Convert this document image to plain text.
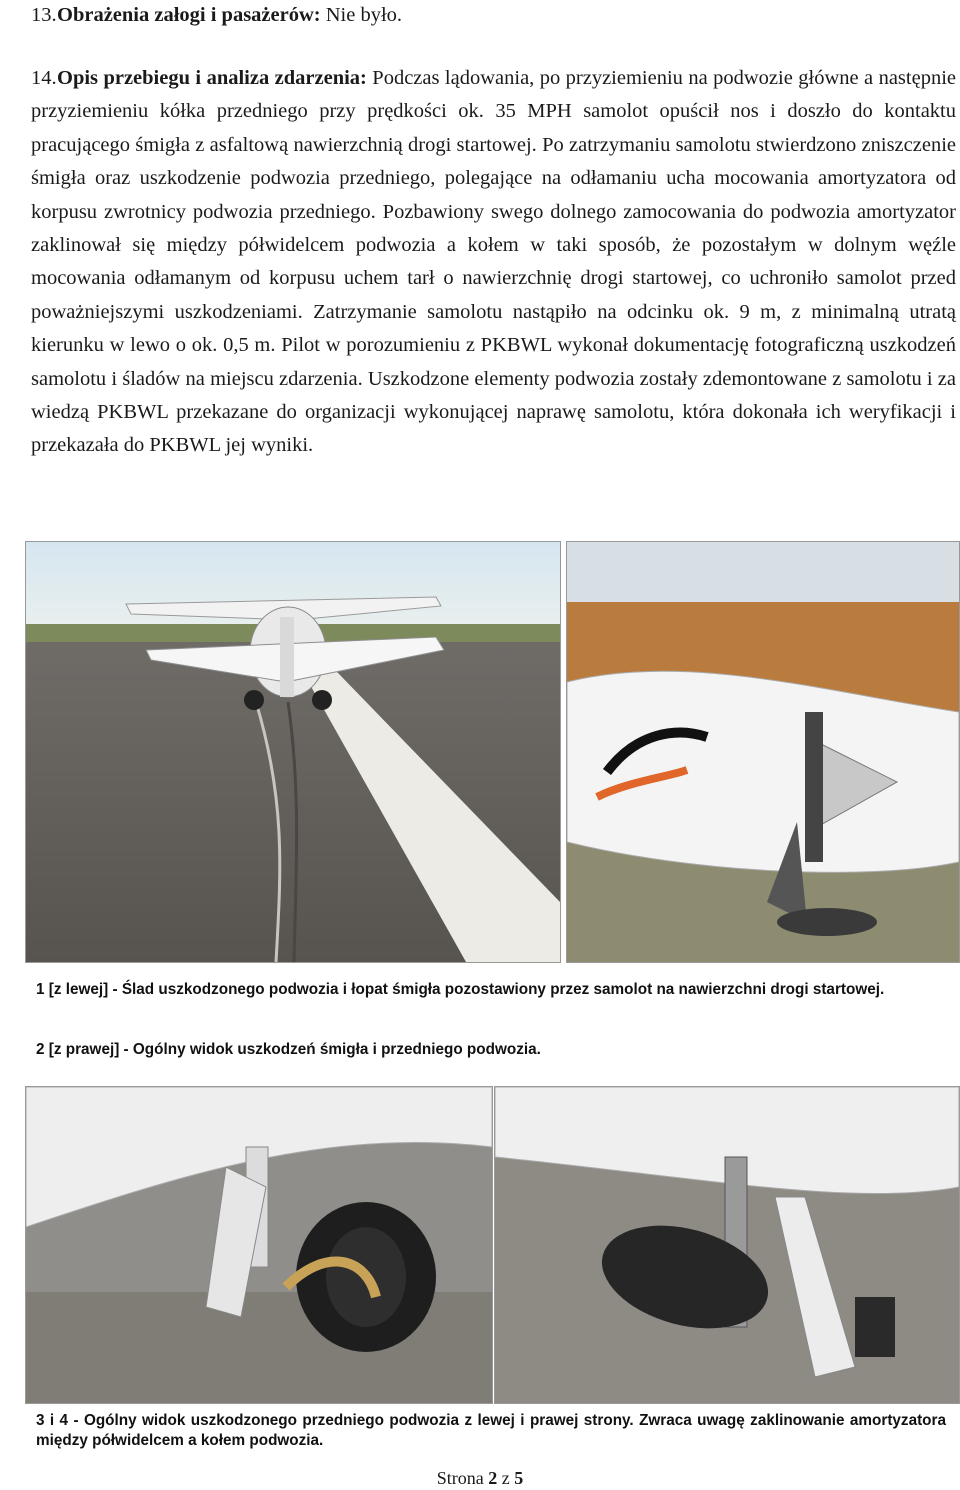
13.Obrażenia załogi i pasażerów: Nie było.
14.Opis przebiegu i analiza zdarzenia: Podczas lądowania, po przyziemieniu na podwozie główne a następnie przyziemieniu kółka przedniego przy prędkości ok. 35 MPH samolot opuścił nos i doszło do kontaktu pracującego śmigła z asfaltową nawierzchnią drogi startowej. Po zatrzymaniu samolotu stwierdzono zniszczenie śmigła oraz uszkodzenie podwozia przedniego, polegające na odłamaniu ucha mocowania amortyzatora od korpusu zwrotnicy podwozia przedniego. Pozbawiony swego dolnego zamocowania do podwozia amortyzator zaklinował się między półwidelcem podwozia a kołem w taki sposób, że pozostałym w dolnym węźle mocowania odłamanym od korpusu uchem tarł o nawierzchnię drogi startowej, co uchroniło samolot przed poważniejszymi uszkodzeniami. Zatrzymanie samolotu nastąpiło na odcinku ok. 9 m, z minimalną utratą kierunku w lewo o ok. 0,5 m. Pilot w porozumieniu z PKBWL wykonał dokumentację fotograficzną uszkodzeń samolotu i śladów na miejscu zdarzenia. Uszkodzone elementy podwozia zostały zdemontowane z samolotu i za wiedzą PKBWL przekazane do organizacji wykonującej naprawę samolotu, która dokonała ich weryfikacji i przekazała do PKBWL jej wyniki.
1 [z lewej] - Ślad uszkodzonego podwozia i łopat śmigła pozostawiony przez samolot na nawierzchni drogi startowej.
2 [z prawej] - Ogólny widok uszkodzeń śmigła i przedniego podwozia.
3 i 4 - Ogólny widok uszkodzonego przedniego podwozia z lewej i prawej strony. Zwraca uwagę zaklinowanie amortyzatora między półwidelcem a kołem podwozia.
Strona 2 z 5
